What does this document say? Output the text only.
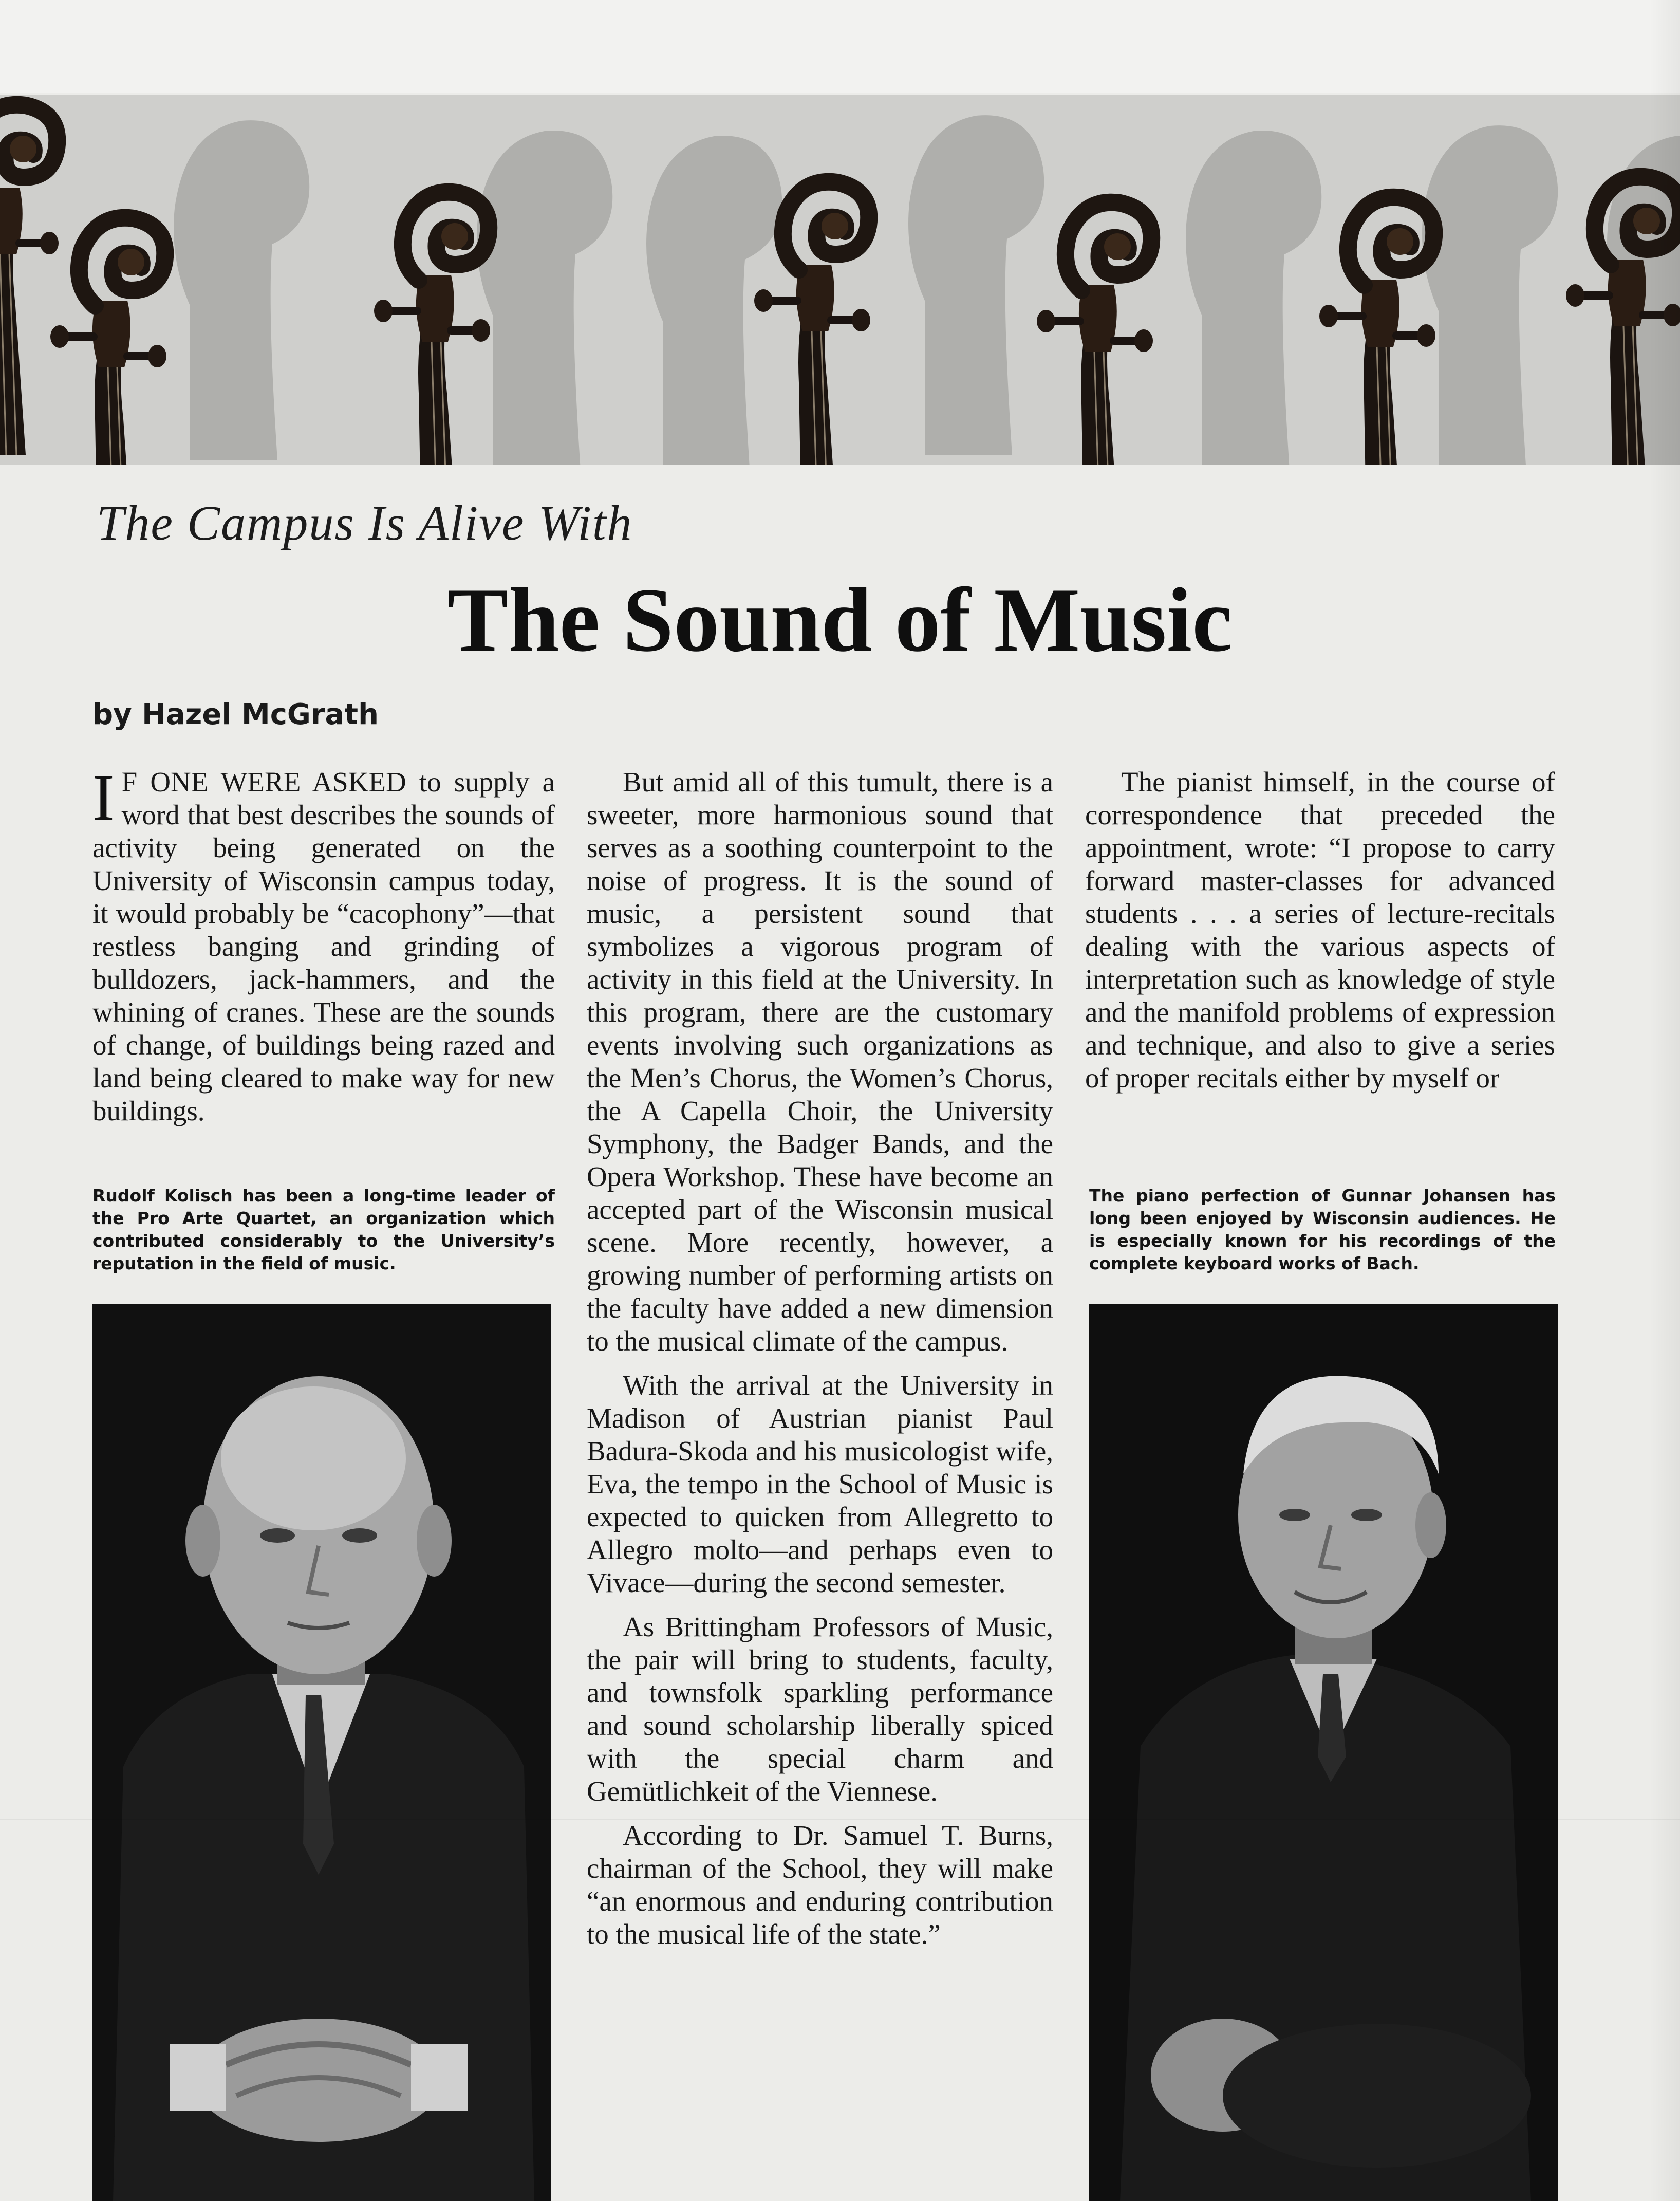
The Campus Is Alive With
The Sound of Music
by Hazel McGrath

I F ONE WERE ASKED to supply a word that best describes the sounds of activity being generated on the University of Wisconsin campus today, it would probably be “cacophony”—that restless banging and grinding of bulldozers, jack-hammers, and the whining of cranes. These are the sounds of change, of buildings being razed and land being cleared to make way for new buildings.

But amid all of this tumult, there is a sweeter, more harmonious sound that serves as a soothing counterpoint to the noise of progress. It is the sound of music, a persistent sound that symbolizes a vigorous program of activity in this field at the University. In this program, there are the customary events involving such organizations as the Men’s Chorus, the Women’s Chorus, the A Capella Choir, the University Symphony, the Badger Bands, and the Opera Workshop. These have become an accepted part of the Wisconsin musical scene. More recently, however, a growing number of performing artists on the faculty have added a new dimension to the musical climate of the campus.

With the arrival at the University in Madison of Austrian pianist Paul Badura-Skoda and his musicologist wife, Eva, the tempo in the School of Music is expected to quicken from Allegretto to Allegro molto—and perhaps even to Vivace—during the second semester.

As Brittingham Professors of Music, the pair will bring to students, faculty, and townsfolk sparkling performance and sound scholarship liberally spiced with the special charm and Gemütlichkeit of the Viennese.

According to Dr. Samuel T. Burns, chairman of the School, they will make “an enormous and enduring contribution to the musical life of the state.”

The pianist himself, in the course of correspondence that preceded the appointment, wrote: “I propose to carry forward master-classes for advanced students . . . a series of lecture-recitals dealing with the various aspects of interpretation such as knowledge of style and the manifold problems of expression and technique, and also to give a series of proper recitals either by myself or

Rudolf Kolisch has been a long-time leader of the Pro Arte Quartet, an organization which contributed considerably to the University’s reputation in the field of music.
The piano perfection of Gunnar Johansen has long been enjoyed by Wisconsin audiences. He is especially known for his recordings of the complete keyboard works of Bach.
